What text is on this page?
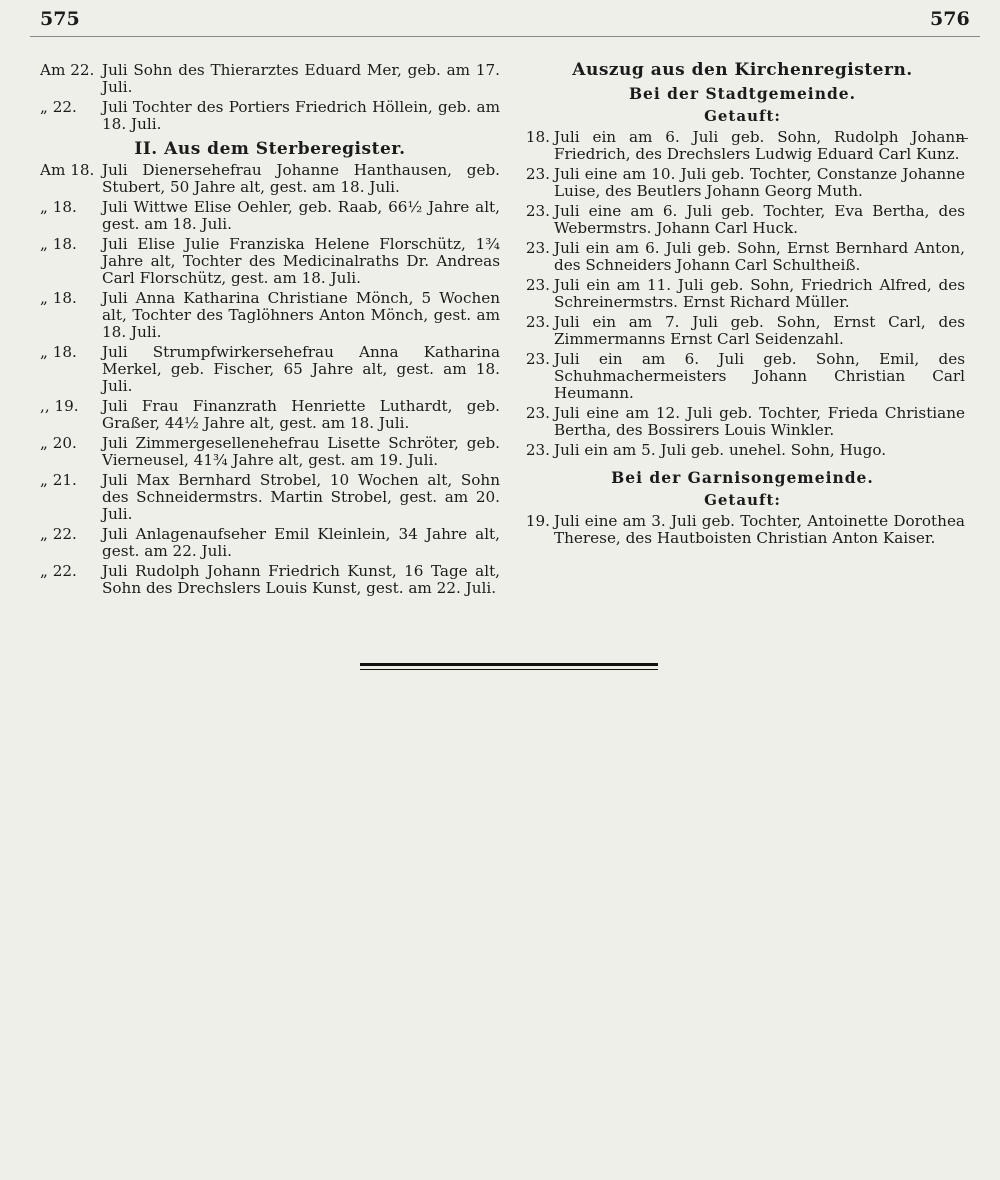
575	576
Am 22. Juli Sohn des Thierarztes Eduard Mer, geb. am 17. Juli.
„ 22.	Juli Tochter des Portiers Friedrich Höllein, geb. am 18. Juli.
II. Aus dem Sterberegister.
Am 18. Juli Dienersehefrau Johanne Hanthausen, geb. Stubert, 50 Jahre alt, gest. am 18. Juli.
„ 18.	Juli Wittwe Elise Oehler, geb. Raab, 66½ Jahre alt, gest. am 18. Juli.
„ 18.	Juli Elise Julie Franziska Helene Florschütz, 1¾ Jahre alt, Tochter des Medicinalraths Dr. Andreas Carl Florschütz, gest. am 18. Juli.
„ 18.	Juli Anna Katharina Christiane Mönch, 5 Wochen alt, Tochter des Taglöhners Anton Mönch, gest. am 18. Juli.
„ 18.	Juli Strumpfwirkersehefrau Anna Katharina Merkel, geb. Fischer, 65 Jahre alt, gest. am 18. Juli.
,, 19.	Juli Frau Finanzrath Henriette Luthardt, geb. Graßer, 44½ Jahre alt, gest. am 18. Juli.
„ 20.	Juli Zimmergesellenehefrau Lisette Schröter, geb. Vierneusel, 41¾ Jahre alt, gest. am 19. Juli.
„ 21.	Juli Max Bernhard Strobel, 10 Wochen alt, Sohn des Schneidermstrs. Martin Strobel, gest. am 20. Juli.
„ 22.	Juli Anlagenaufseher Emil Kleinlein, 34 Jahre alt, gest. am 22. Juli.
„ 22.	Juli Rudolph Johann Friedrich Kunst, 16 Tage alt, Sohn des Drechslers Louis Kunst, gest. am 22. Juli.
Auszug aus den Kirchenregistern.
Bei der Stadtgemeinde.
Getauft:
18. Juli ein am 6. Juli geb. Sohn, Rudolph Johann Friedrich, des Drechslers Ludwig Eduard Carl Kunz.
23. Juli eine am 10. Juli geb. Tochter, Constanze Johanne Luise, des Beutlers Johann Georg Muth.
23. Juli eine am 6. Juli geb. Tochter, Eva Bertha, des Webermstrs. Johann Carl Huck.
23. Juli ein am 6. Juli geb. Sohn, Ernst Bernhard Anton, des Schneiders Johann Carl Schultheiß.
23. Juli ein am 11. Juli geb. Sohn, Friedrich Alfred, des Schreinermstrs. Ernst Richard Müller.
23. Juli ein am 7. Juli geb. Sohn, Ernst Carl, des Zimmermanns Ernst Carl Seidenzahl.
23. Juli ein am 6. Juli geb. Sohn, Emil, des Schuhmachermeisters Johann Christian Carl Heumann.
23. Juli eine am 12. Juli geb. Tochter, Frieda Christiane Bertha, des Bossirers Louis Winkler.
23. Juli ein am 5. Juli geb. unehel. Sohn, Hugo.
Bei der Garnisongemeinde.
Getauft:
19. Juli eine am 3. Juli geb. Tochter, Antoinette Dorothea Therese, des Hautboisten Christian Anton Kaiser.
